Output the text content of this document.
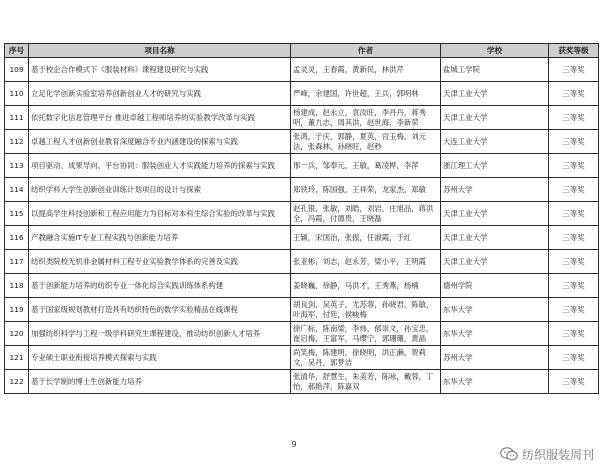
序号	项目名称	作者	学校	获奖等级
109	基于校企合作模式下《服装材料》课程建设研究与实践	孟灵灵，王春霞，黄新民，林洪芹	盐城工学院	三等奖
110	立足化学创新实验室培养创新创业人才的研究与实践	严峰，余建国，许世超，王兵，郭明林	天津工业大学	三等奖
111	依托数字化信息管理平台 推进卓越工程师培养的实验教学改革与实践	杨建成，赵永立，袁汝旺，李丹丹，蒋秀明，董九志，周其洪，赵世海，李新荣	天津工业大学	三等奖
112	卓越工程人才创新创业教育深度融合专业内涵建设的探索与实践	张鸿，于庆，郭静，夏英，宫玉梅，刘元法，张森林，孙晓旺，赵秒	大连工业大学	三等奖
113	项目驱动、成果导向、平台协同：服装创业人才实践能力培养的探索与实践	邢一兵，邹奉元，王敏，葛凌桦，李萍	浙江理工大学	三等奖
114	纺织学科大学生创新创业训练计划项目的设计与探索	郑铁玲，陈国强，王祥荣，龙家杰，郑敏	苏州大学	三等奖
115	以提高学生科技创新和工程应用能力为目标对本科生综合实验的改革与实践	赵孔银，张敏，刘皓，刘岩，庄旭品，蒋洪全，冯霞，付德贵，王晓磊	天津工业大学	三等奖
116	产教融合实施IT专业工程实践与创新能力培养	王颖，宋国治，张振，任淑霞，于红	天津工业大学	三等奖
117	纺织类院校无机非金属材料工程专业实验教学体系的完善及实践	张亚彬，刘志，赵永芳，梁小平，王明霞	天津工业大学	三等奖
118	基于创新能力培养的纺织专业一体化综合实践训练体系构建	姜晓巍，徐静，马洪才，王秀燕，杨楠	德州学院	三等奖
119	基于国家级规划教材打造具有纺织特色的数学实验精品在线课程	胡良剑，吴英子，尤苏蓉，孙晓君，陈敏，叶海军，付廷，侯峻梅	东华大学	三等奖
120	加强纺织科学与工程一级学科研究生课程建设，推动纺织创新人才培养	徐广标，陈南梁，李炜，郁崇文，孙宝忠，崔启梅，王富军，马缨宁，郭珊珊，黄晶	东华大学	三等奖
121	专业硕士职业衔接培养模式探索与实践	尚笑梅，陈建明，徐晓明，洪正濑，贺莉文，吴丹，郭梦洁	苏州大学	三等奖
122	基于长学制的博士生创新能力培养	张清华，舒慧生，朱美芳，陈咏，戴蓉，丁怡，郝艳萍，陈嘉双	东华大学	三等奖
9
纺织服装周刊
